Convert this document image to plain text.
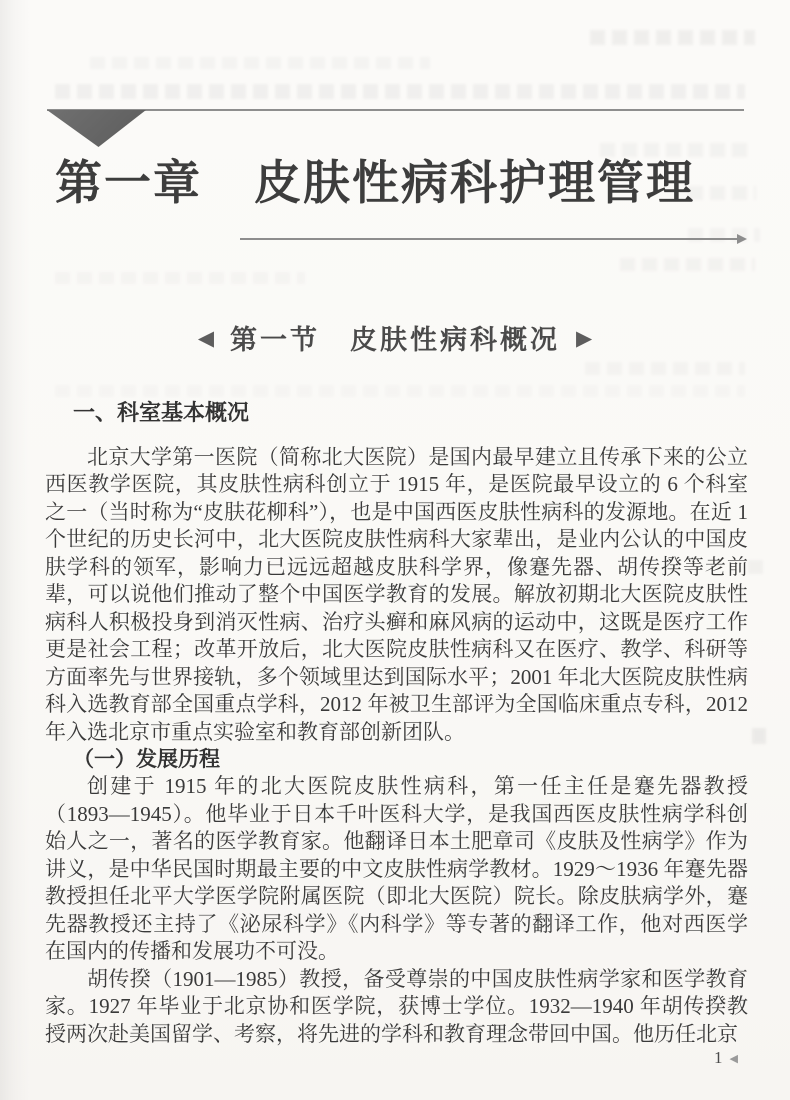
第一章 皮肤性病科护理管理
◀ 第一节　皮肤性病科概况 ▶
一、科室基本概况

北京大学第一医院（简称北大医院）是国内最早建立且传承下来的公立西医教学医院，其皮肤性病科创立于 1915 年，是医院最早设立的 6 个科室之一（当时称为“皮肤花柳科”），也是中国西医皮肤性病科的发源地。在近 1 个世纪的历史长河中，北大医院皮肤性病科大家辈出，是业内公认的中国皮肤学科的领军，影响力已远远超越皮肤科学界，像蹇先器、胡传揆等老前辈，可以说他们推动了整个中国医学教育的发展。解放初期北大医院皮肤性病科人积极投身到消灭性病、治疗头癣和麻风病的运动中，这既是医疗工作更是社会工程；改革开放后，北大医院皮肤性病科又在医疗、教学、科研等方面率先与世界接轨，多个领域里达到国际水平；2001 年北大医院皮肤性病科入选教育部全国重点学科，2012 年被卫生部评为全国临床重点专科，2012 年入选北京市重点实验室和教育部创新团队。

（一）发展历程

创建于 1915 年的北大医院皮肤性病科，第一任主任是蹇先器教授（1893—1945）。他毕业于日本千叶医科大学，是我国西医皮肤性病学科创始人之一，著名的医学教育家。他翻译日本土肥章司《皮肤及性病学》作为讲义，是中华民国时期最主要的中文皮肤性病学教材。1929～1936 年蹇先器教授担任北平大学医学院附属医院（即北大医院）院长。除皮肤病学外，蹇先器教授还主持了《泌尿科学》《内科学》等专著的翻译工作，他对西医学在国内的传播和发展功不可没。

胡传揆（1901—1985）教授，备受尊崇的中国皮肤性病学家和医学教育家。1927 年毕业于北京协和医学院，获博士学位。1932—1940 年胡传揆教授两次赴美国留学、考察，将先进的学科和教育理念带回中国。他历任北京

1 ◀
